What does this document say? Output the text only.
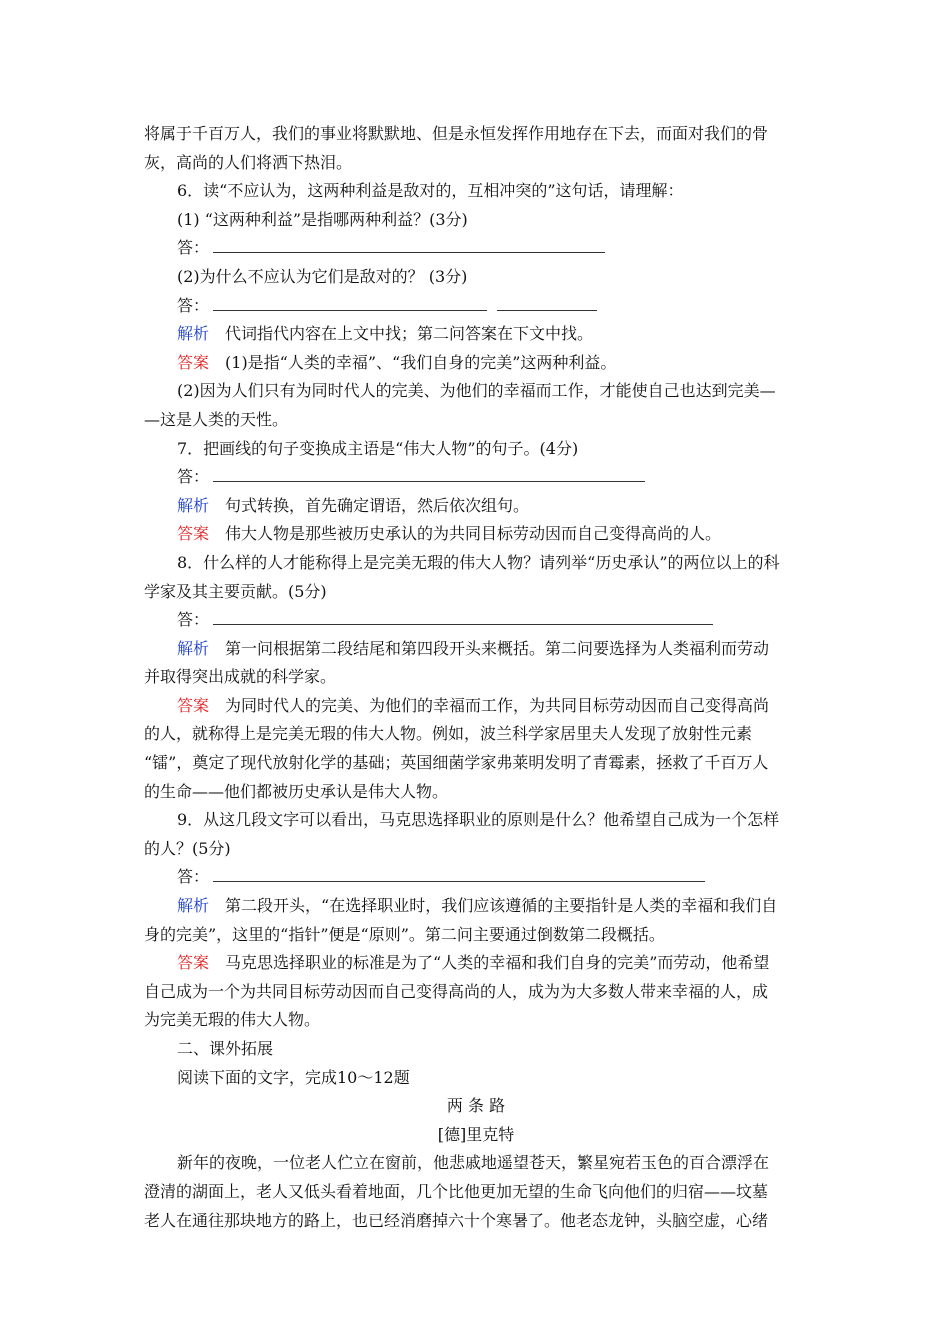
将属于千百万人，我们的事业将默默地、但是永恒发挥作用地存在下去，而面对我们的骨
灰，高尚的人们将洒下热泪。
6．读“不应认为，这两种利益是敌对的，互相冲突的”这句话，请理解：
(1) “这两种利益”是指哪两种利益？(3分)
答：
(2)为什么不应认为它们是敌对的？ (3分)
答：
解析 代词指代内容在上文中找；第二问答案在下文中找。
答案 (1)是指“人类的幸福”、“我们自身的完美”这两种利益。
(2)因为人们只有为同时代人的完美、为他们的幸福而工作，才能使自己也达到完美—
—这是人类的天性。
7．把画线的句子变换成主语是“伟大人物”的句子。(4分)
答：
解析 句式转换，首先确定谓语，然后依次组句。
答案 伟大人物是那些被历史承认的为共同目标劳动因而自己变得高尚的人。
8．什么样的人才能称得上是完美无瑕的伟大人物？请列举“历史承认”的两位以上的科
学家及其主要贡献。(5分)
答：
解析 第一问根据第二段结尾和第四段开头来概括。第二问要选择为人类福利而劳动
并取得突出成就的科学家。
答案 为同时代人的完美、为他们的幸福而工作，为共同目标劳动因而自己变得高尚
的人，就称得上是完美无瑕的伟大人物。例如，波兰科学家居里夫人发现了放射性元素
“镭”，奠定了现代放射化学的基础；英国细菌学家弗莱明发明了青霉素，拯救了千百万人
的生命——他们都被历史承认是伟大人物。
9．从这几段文字可以看出，马克思选择职业的原则是什么？他希望自己成为一个怎样
的人？(5分)
答：
解析 第二段开头，“在选择职业时，我们应该遵循的主要指针是人类的幸福和我们自
身的完美”，这里的“指针”便是“原则”。第二问主要通过倒数第二段概括。
答案 马克思选择职业的标准是为了“人类的幸福和我们自身的完美”而劳动，他希望
自己成为一个为共同目标劳动因而自己变得高尚的人，成为为大多数人带来幸福的人，成
为完美无瑕的伟大人物。
二、课外拓展
阅读下面的文字，完成10～12题
两 条 路
[德]里克特
新年的夜晚，一位老人伫立在窗前，他悲戚地遥望苍天，繁星宛若玉色的百合漂浮在
澄清的湖面上，老人又低头看着地面，几个比他更加无望的生命飞向他们的归宿——坟墓
老人在通往那块地方的路上，也已经消磨掉六十个寒暑了。他老态龙钟，头脑空虚，心绪
